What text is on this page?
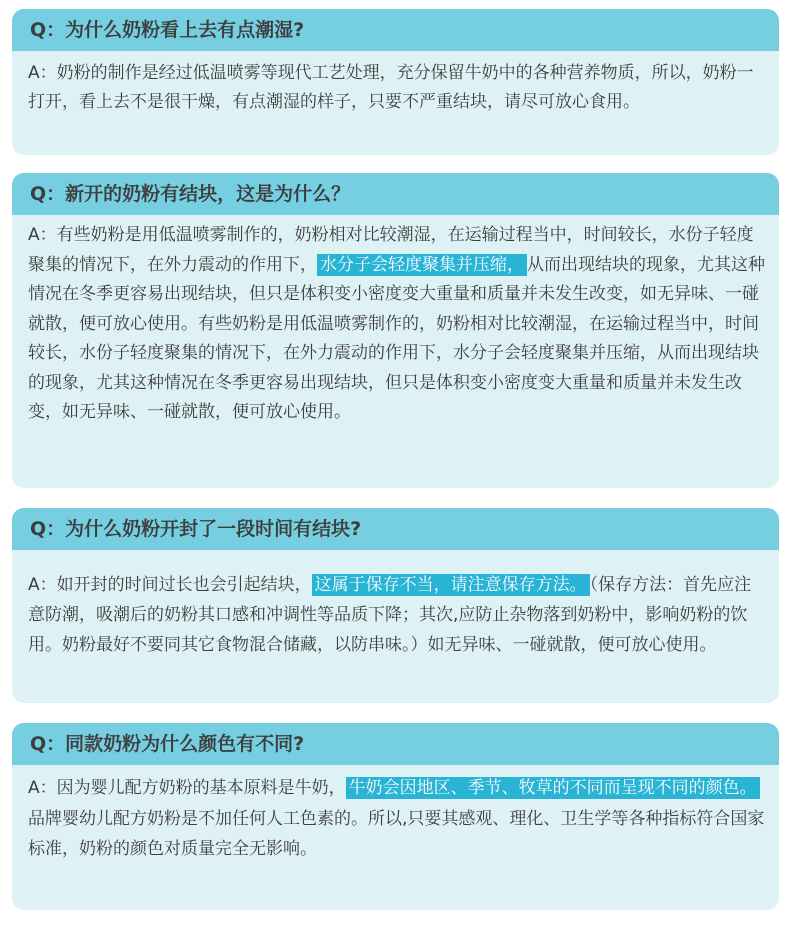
Q：为什么奶粉看上去有点潮湿?
A：奶粉的制作是经过低温喷雾等现代工艺处理，充分保留牛奶中的各种营养物质，所以，奶粉一打开，看上去不是很干燥，有点潮湿的样子，只要不严重结块，请尽可放心食用。
Q：新开的奶粉有结块，这是为什么？
A：有些奶粉是用低温喷雾制作的，奶粉相对比较潮湿，在运输过程当中，时间较长，水份子轻度聚集的情况下，在外力震动的作用下， 水分子会轻度聚集并压缩， 从而出现结块的现象，尤其这种情况在冬季更容易出现结块，但只是体积变小密度变大重量和质量并未发生改变，如无异味、一碰就散，便可放心使用。有些奶粉是用低温喷雾制作的，奶粉相对比较潮湿，在运输过程当中，时间较长，水份子轻度聚集的情况下，在外力震动的作用下，水分子会轻度聚集并压缩，从而出现结块的现象，尤其这种情况在冬季更容易出现结块，但只是体积变小密度变大重量和质量并未发生改变，如无异味、一碰就散，便可放心使用。
Q：为什么奶粉开封了一段时间有结块?
A：如开封的时间过长也会引起结块， 这属于保存不当，请注意保存方法。 （保存方法：首先应注意防潮，吸潮后的奶粉其口感和冲调性等品质下降；其次,应防止杂物落到奶粉中，影响奶粉的饮用。奶粉最好不要同其它食物混合储藏，以防串味。）如无异味、一碰就散，便可放心使用。
Q：同款奶粉为什么颜色有不同?
A：因为婴儿配方奶粉的基本原料是牛奶， 牛奶会因地区、季节、牧草的不同而呈现不同的颜色。品牌婴幼儿配方奶粉是不加任何人工色素的。所以,只要其感观、理化、卫生学等各种指标符合国家标准，奶粉的颜色对质量完全无影响。
